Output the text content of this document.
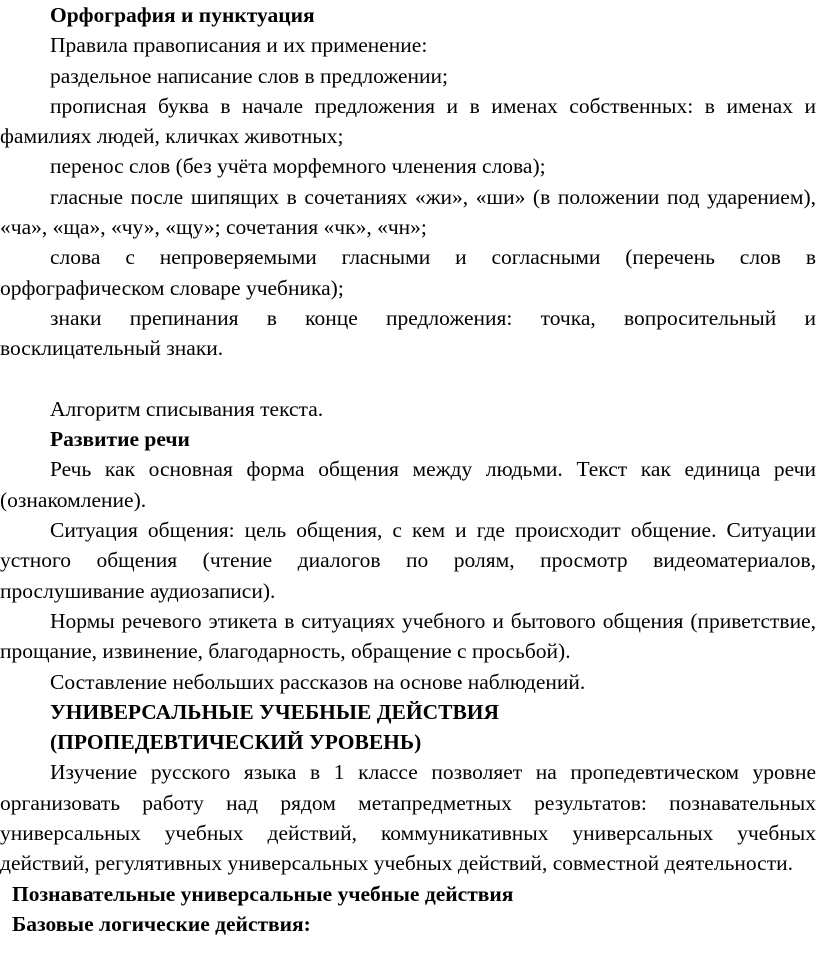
Орфография и пунктуация

Правила правописания и их применение:

раздельное написание слов в предложении;

прописная буква в начале предложения и в именах собственных: в именах и фамилиях людей, кличках животных;

перенос слов (без учёта морфемного членения слова);

гласные после шипящих в сочетаниях «жи», «ши» (в положении под ударением), «ча», «ща», «чу», «щу»; сочетания «чк», «чн»;

слова с непроверяемыми гласными и согласными (перечень слов в орфографическом словаре учебника);

знаки препинания в конце предложения: точка, вопросительный и восклицательный знаки.

Алгоритм списывания текста.

Развитие речи

Речь как основная форма общения между людьми. Текст как единица речи (ознакомление).

Ситуация общения: цель общения, с кем и где происходит общение. Ситуации устного общения (чтение диалогов по ролям, просмотр видеоматериалов, прослушивание аудиозаписи).

Нормы речевого этикета в ситуациях учебного и бытового общения (приветствие, прощание, извинение, благодарность, обращение с просьбой).

Составление небольших рассказов на основе наблюдений.

УНИВЕРСАЛЬНЫЕ УЧЕБНЫЕ ДЕЙСТВИЯ

(ПРОПЕДЕВТИЧЕСКИЙ УРОВЕНЬ)

Изучение русского языка в 1 классе позволяет на пропедевтическом уровне организовать работу над рядом метапредметных результатов: познавательных универсальных учебных действий, коммуникативных универсальных учебных действий, регулятивных универсальных учебных действий, совместной деятельности.

Познавательные универсальные учебные действия

Базовые логические действия:
